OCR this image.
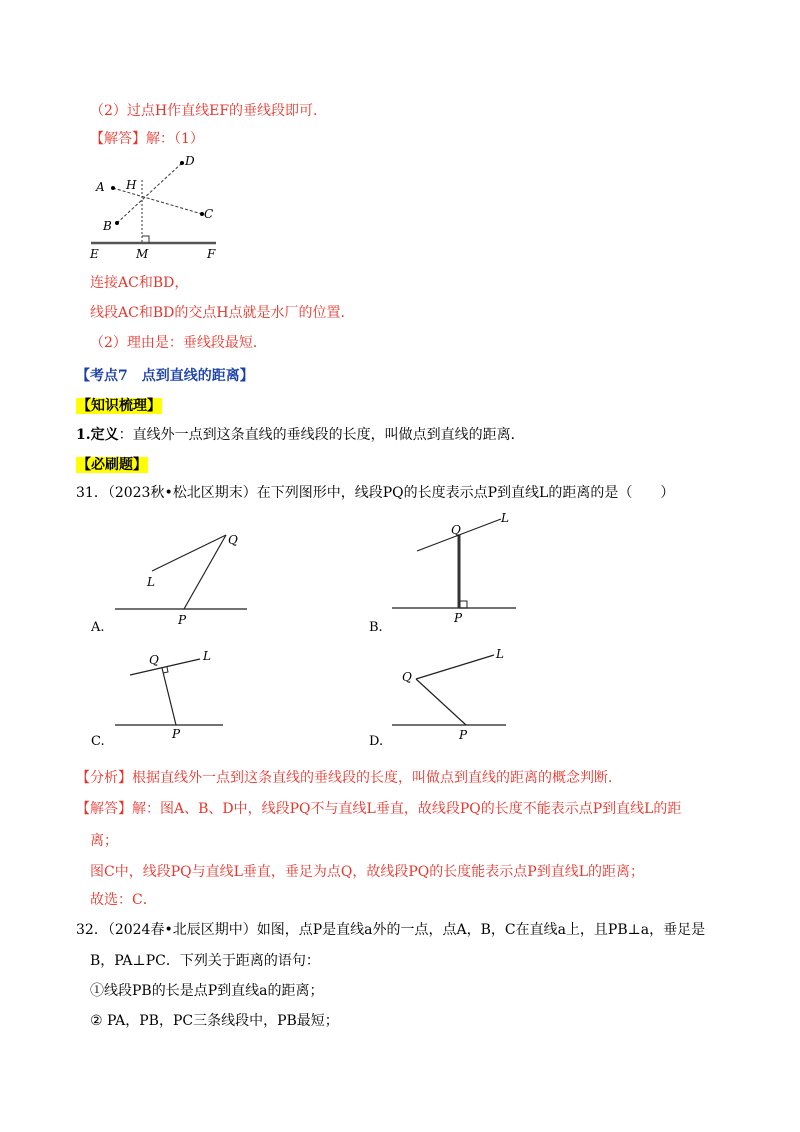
（2）过点H作直线EF的垂线段即可．
【解答】解：（1）
A
B
D
C
H
E	M	F
连接AC和BD，
线段AC和BD的交点H点就是水厂的位置．
（2）理由是：垂线段最短．
【考点7　点到直线的距离】
【知识梳理】
1.定义：直线外一点到这条直线的垂线段的长度，叫做点到直线的距离．
【必刷题】
31．（2023秋•松北区期末）在下列图形中，线段PQ的长度表示点P到直线L的距离的是（　　）
L
Q
P
A.
Q
L
P
B.
Q	L
P
C.
Q
L
P
D.
【分析】根据直线外一点到这条直线的垂线段的长度，叫做点到直线的距离的概念判断．
【解答】解：图A、B、D中，线段PQ不与直线L垂直，故线段PQ的长度不能表示点P到直线L的距
离；
图C中，线段PQ与直线L垂直，垂足为点Q，故线段PQ的长度能表示点P到直线L的距离；
故选：C．
32．（2024春•北辰区期中）如图，点P是直线a外的一点，点A，B，C在直线a上，且PB⊥a，垂足是
B，PA⊥PC．下列关于距离的语句：
①线段PB的长是点P到直线a的距离；
② PA，PB，PC三条线段中，PB最短；
